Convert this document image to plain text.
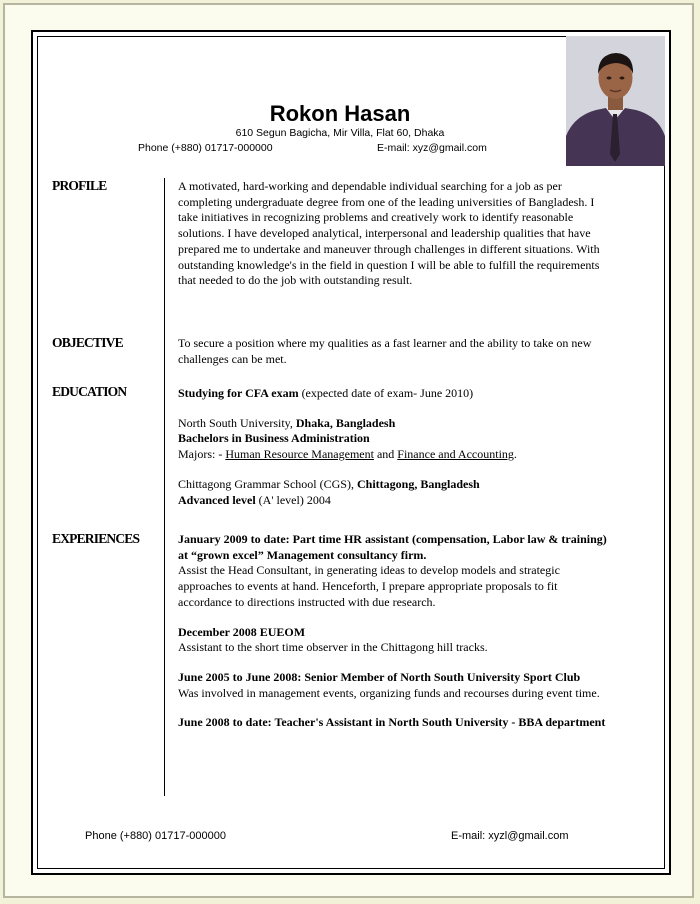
Rokon Hasan
610 Segun Bagicha, Mir Villa, Flat 60, Dhaka
Phone (+880) 01717-000000	E-mail: xyz@gmail.com
PROFILE	A motivated, hard-working and dependable individual searching for a job as per completing undergraduate degree from one of the leading universities of Bangladesh. I take initiatives in recognizing problems and creatively work to identify reasonable solutions. I have developed analytical, interpersonal and leadership qualities that have prepared me to undertake and maneuver through challenges in different situations. With outstanding knowledge's in the field in question I will be able to fulfill the requirements that needed to do the job with outstanding result.

OBJECTIVE	To secure a position where my qualities as a fast learner and the ability to take on new challenges can be met.

EDUCATION	Studying for CFA exam (expected date of exam- June 2010)

North South University, Dhaka, Bangladesh

Bachelors in Business Administration

Majors: - Human Resource Management and Finance and Accounting.

Chittagong Grammar School (CGS), Chittagong, Bangladesh

Advanced level (A' level) 2004

EXPERIENCES	January 2009 to date: Part time HR assistant (compensation, Labor law & training) at “grown excel” Management consultancy firm.

Assist the Head Consultant, in generating ideas to develop models and strategic approaches to events at hand. Henceforth, I prepare appropriate proposals to fit accordance to directions instructed with due research.

December 2008 EUEOM

Assistant to the short time observer in the Chittagong hill tracks.

June 2005 to June 2008: Senior Member of North South University Sport Club

Was involved in management events, organizing funds and recourses during event time.

June 2008 to date: Teacher's Assistant in North South University - BBA department

Phone (+880) 01717-000000	E-mail: xyzl@gmail.com
